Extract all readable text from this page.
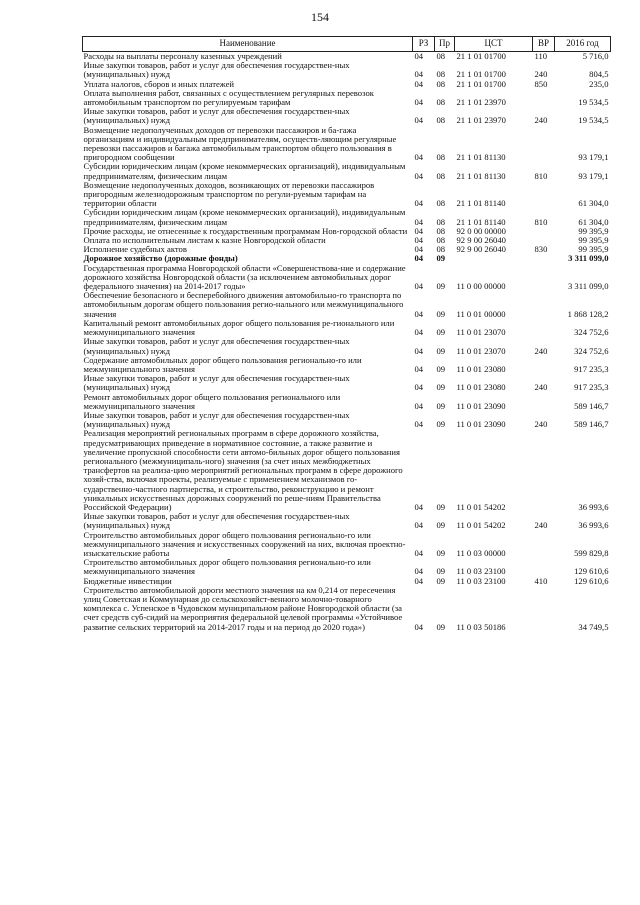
154
Наименование	РЗ	Пр	ЦСТ	ВР	2016 год
Расходы на выплаты персоналу казенных учреждений	04	08	21 1 01 01700	110	5 716,0
Иные закупки товаров, работ и услуг для обеспечения государствен-ных (муниципальных) нужд	04	08	21 1 01 01700	240	804,5
Уплата налогов, сборов и иных платежей	04	08	21 1 01 01700	850	235,0
Оплата выполнения работ, связанных с осуществлением регулярных перевозок автомобильным транспортом по регулируемым тарифам	04	08	21 1 01 23970		19 534,5
Иные закупки товаров, работ и услуг для обеспечения государствен-ных (муниципальных) нужд	04	08	21 1 01 23970	240	19 534,5
Возмещение недополученных доходов от перевозки пассажиров и ба-гажа организациям и индивидуальным предпринимателям, осуществ-ляющим регулярные перевозки пассажиров и багажа автомобильным транспортом общего пользования в пригородном сообщении	04	08	21 1 01 81130		93 179,1
Субсидии юридическим лицам (кроме некоммерческих организаций), индивидуальным предпринимателям, физическим лицам	04	08	21 1 01 81130	810	93 179,1
Возмещение недополученных доходов, возникающих от перевозки пассажиров пригородным железнодорожным транспортом по регули-руемым тарифам на территории области	04	08	21 1 01 81140		61 304,0
Субсидии юридическим лицам (кроме некоммерческих организаций), индивидуальным предпринимателям, физическим лицам	04	08	21 1 01 81140	810	61 304,0
Прочие расходы, не отнесенные к государственным программам Нов-городской области	04	08	92 0 00 00000		99 395,9
Оплата по исполнительным листам к казне Новгородской области	04	08	92 9 00 26040		99 395,9
Исполнение судебных актов	04	08	92 9 00 26040	830	99 395,9
Дорожное хозяйство (дорожные фонды)	04	09			3 311 099,0
Государственная программа Новгородской области «Совершенствова-ние и содержание дорожного хозяйства Новгородской области (за исключением автомобильных дорог федерального значения) на 2014-2017 годы»	04	09	11 0 00 00000		3 311 099,0
Обеспечение безопасного и бесперебойного движения автомобильно-го транспорта по автомобильным дорогам общего пользования регио-нального или межмуниципального значения	04	09	11 0 01 00000		1 868 128,2
Капитальный ремонт автомобильных дорог общего пользования ре-гионального или межмуниципального значения	04	09	11 0 01 23070		324 752,6
Иные закупки товаров, работ и услуг для обеспечения государствен-ных (муниципальных) нужд	04	09	11 0 01 23070	240	324 752,6
Содержание автомобильных дорог общего пользования регионально-го или межмуниципального значения	04	09	11 0 01 23080		917 235,3
Иные закупки товаров, работ и услуг для обеспечения государствен-ных (муниципальных) нужд	04	09	11 0 01 23080	240	917 235,3
Ремонт автомобильных дорог общего пользования регионального или межмуниципального значения	04	09	11 0 01 23090		589 146,7
Иные закупки товаров, работ и услуг для обеспечения государствен-ных (муниципальных) нужд	04	09	11 0 01 23090	240	589 146,7
Реализация мероприятий региональных программ в сфере дорожного хозяйства, предусматривающих приведение в нормативное состояние, а также развитие и увеличение пропускной способности сети автомо-бильных дорог общего пользования регионального (межмуниципаль-ного) значения (за счет иных межбюджетных трансфертов на реализа-цию мероприятий региональных программ в сфере дорожного хозяй-ства, включая проекты, реализуемые с применением механизмов го-сударственно-частного партнерства, и строительство, реконструкцию и ремонт уникальных искусственных дорожных сооружений по реше-ниям Правительства Российской Федерации)	04	09	11 0 01 54202		36 993,6
Иные закупки товаров, работ и услуг для обеспечения государствен-ных (муниципальных) нужд	04	09	11 0 01 54202	240	36 993,6
Строительство автомобильных дорог общего пользования регионально-го или межмуниципального значения и искусственных сооружений на них, включая проектно-изыскательские работы	04	09	11 0 03 00000		599 829,8
Строительство автомобильных дорог общего пользования регионально-го или межмуниципального значения	04	09	11 0 03 23100		129 610,6
Бюджетные инвестиции	04	09	11 0 03 23100	410	129 610,6
Строительство автомобильной дороги местного значения на км 0,214 от пересечения улиц Советская и Коммунарная до сельскохозяйст-венного молочно-товарного комплекса с. Успенское в Чудовском муниципальном районе Новгородской области (за счет средств суб-сидий на мероприятия федеральной целевой программы «Устойчивое развитие сельских территорий на 2014-2017 годы и на период до 2020 года»)	04	09	11 0 03 50186		34 749,5
